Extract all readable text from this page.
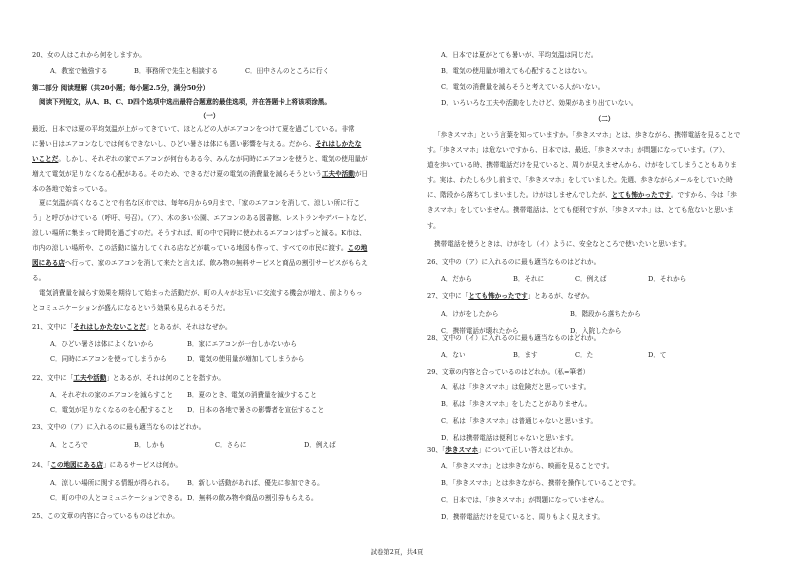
20、女の人はこれから何をしますか。
A．教室で勉強する	B．事務所で先生と相談する	C．田中さんのところに行く
第二部分 阅读理解（共20小题；每小题2.5分，满分50分）
阅读下列短文，从A、B、C、D四个选项中选出最符合题意的最佳选项，并在答题卡上将该项涂黑。
（一）
最近、日本では夏の平均気温が上がってきていて、ほとんどの人がエアコンをつけて夏を過ごしている。非常
に暑い日はエアコンなしでは何もできないし、ひどい暑さは体にも悪い影響を与える。だから、それはしかたな
いことだ。しかし、それぞれの家でエアコンが何台もある今、みんなが同時にエアコンを使うと、電気の使用量が
増えて電気が足りなくなる心配がある。そのため、できるだけ夏の電気の消費量を減らそうという工夫や活動が日
本の各地で始まっている。
夏に気温が高くなることで有名な区市では、毎年6月から9月まで、「家のエアコンを消して、涼しい所に行こ
う」と呼びかけている（呼吁、号召）。（ア）、木の多い公園、エアコンのある図書館、レストランやデパートなど、
涼しい場所に集まって時間を過ごすのだ。そうすれば、町の中で同時に使われるエアコンはずっと減る。K市は、
市内の涼しい場所や、この活動に協力してくれる店などが載っている地図も作って、すべての市民に渡す。この地
図にある店へ行って、家のエアコンを消して来たと言えば、飲み物の無料サービスと商品の割引サービスがもらえ
る。
電気消費量を減らす効果を期待して始まった活動だが、町の人々がお互いに交流する機会が増え、前よりもっ
とコミュニケーションが盛んになるという効果も見られるそうだ。
21、文中に「それはしかたないことだ」とあるが、それはなぜか。
A．ひどい暑さは体によくないから	B．家にエアコンが一台しかないから
C．同時にエアコンを使ってしまうから	D．電気の使用量が増加してしまうから
22、文中に「工夫や活動」とあるが、それは何のことを指すか。
A．それぞれの家のエアコンを減らすこと B．夏のとき、電気の消費量を減少すること
C．電気が足りなくなるのを心配すること D．日本の各地で暑さの影響者を宣伝すること
23、文中の（ア）に入れるのに最も適当なものはどれか。
A．ところで	B．しかも	C．さらに	D．例えば
24、「この地図にある店」にあるサービスは何か。
A．涼しい場所に関する情報が得られる。 B．新しい活動があれば、優先に参加できる。
C．町の中の人とコミュニケーションできる。 D．無料の飲み物や商品の割引券もらえる。
25、この文章の内容に合っているものはどれか。
A．日本では夏がとても暑いが、平均気温は同じだ。
B．電気の使用量が増えても心配することはない。
C．電気の消費量を減らそうと考えている人がいない。
D．いろいろな工夫や活動をしたけど、効果があまり出ていない。
（二）
「歩きスマホ」という言葉を知っていますか。「歩きスマホ」とは、歩きながら、携帯電話を見ることで
す。「歩きスマホ」は危ないですから、日本では、最近、「歩きスマホ」が問題になっています。（ア）、
道を歩いている時、携帯電話だけを見ていると、周りが見えませんから、けがをしてしまうこともありま
す。実は、わたしも少し前まで、「歩きスマホ」をしていました。先週、歩きながらメールをしていた時
に、階段から落ちてしまいました。けがはしませんでしたが、とても怖かったです。ですから、今は「歩
きスマホ」をしていません。携帯電話は、とても便利ですが、「歩きスマホ」は、とても危ないと思いま
す。
携帯電話を使うときは、けがをし（イ）ように、安全なところで使いたいと思います。
26、文中の（ア）に入れるのに最も適当なものはどれか。
A．だから	B．それに	C．例えば	D．それから
27、文中に「とても怖かったです」とあるが、なぜか。
A．けがをしたから	B．階段から落ちたから
C．携帯電話が壊れたから	D．入院したから
28、文中の（イ）に入れるのに最も適当なものはどれか。
A．ない	B．ます	C．た	D．て
29、文章の内容と合っているのはどれか。（私=筆者）
A．私は「歩きスマホ」は危険だと思っています。
B．私は「歩きスマホ」をしたことがありません。
C．私は「歩きスマホ」は普通じゃないと思います。
D．私は携帯電話は便利じゃないと思います。
30、「歩きスマホ」について正しい答えはどれか。
A．「歩きスマホ」とは歩きながら、映画を見ることです。
B．「歩きスマホ」とは歩きながら、携帯を操作していることです。
C．日本では、「歩きスマホ」が問題になっていません。
D．携帯電話だけを見ていると、周りもよく見えます。
試卷第2頁，共4頁
